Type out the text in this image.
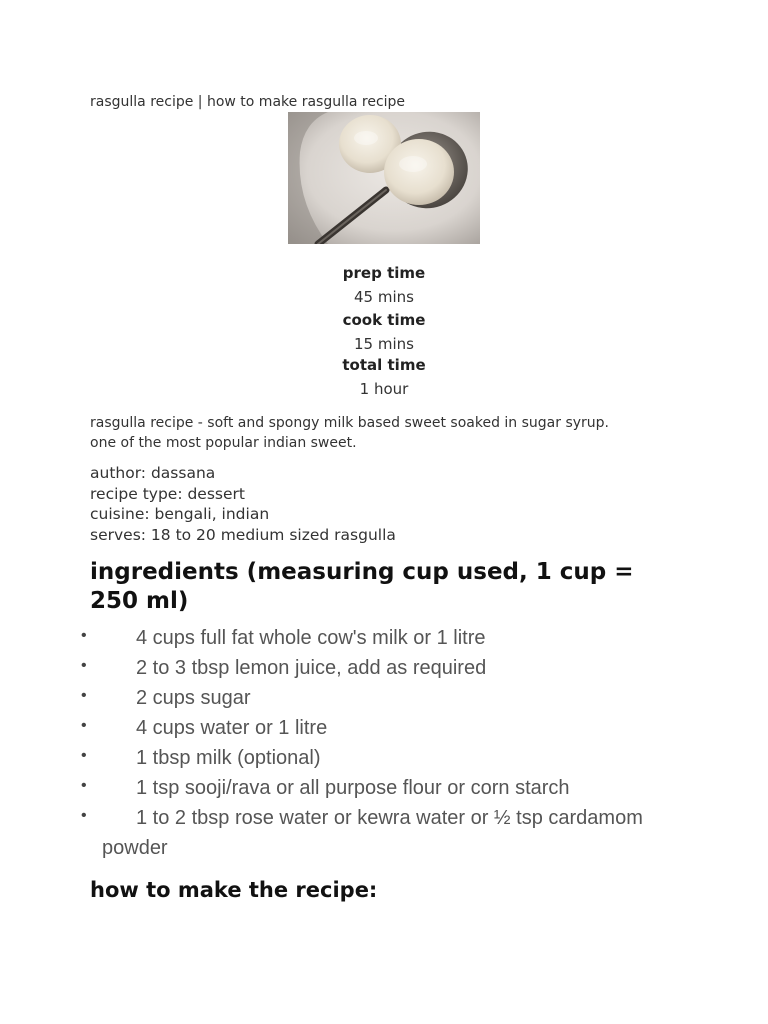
rasgulla recipe | how to make rasgulla recipe
prep time
45 mins
cook time
15 mins
total time
1 hour
rasgulla recipe - soft and spongy milk based sweet soaked in sugar syrup.
one of the most popular indian sweet.
author: dassana
recipe type: dessert
cuisine: bengali, indian
serves: 18 to 20 medium sized rasgulla
ingredients (measuring cup used, 1 cup =
250 ml)
• 4 cups full fat whole cow's milk or 1 litre
• 2 to 3 tbsp lemon juice, add as required
• 2 cups sugar
• 4 cups water or 1 litre
• 1 tbsp milk (optional)
• 1 tsp sooji/rava or all purpose flour or corn starch
• 1 to 2 tbsp rose water or kewra water or ½ tsp cardamom
powder
how to make the recipe:
